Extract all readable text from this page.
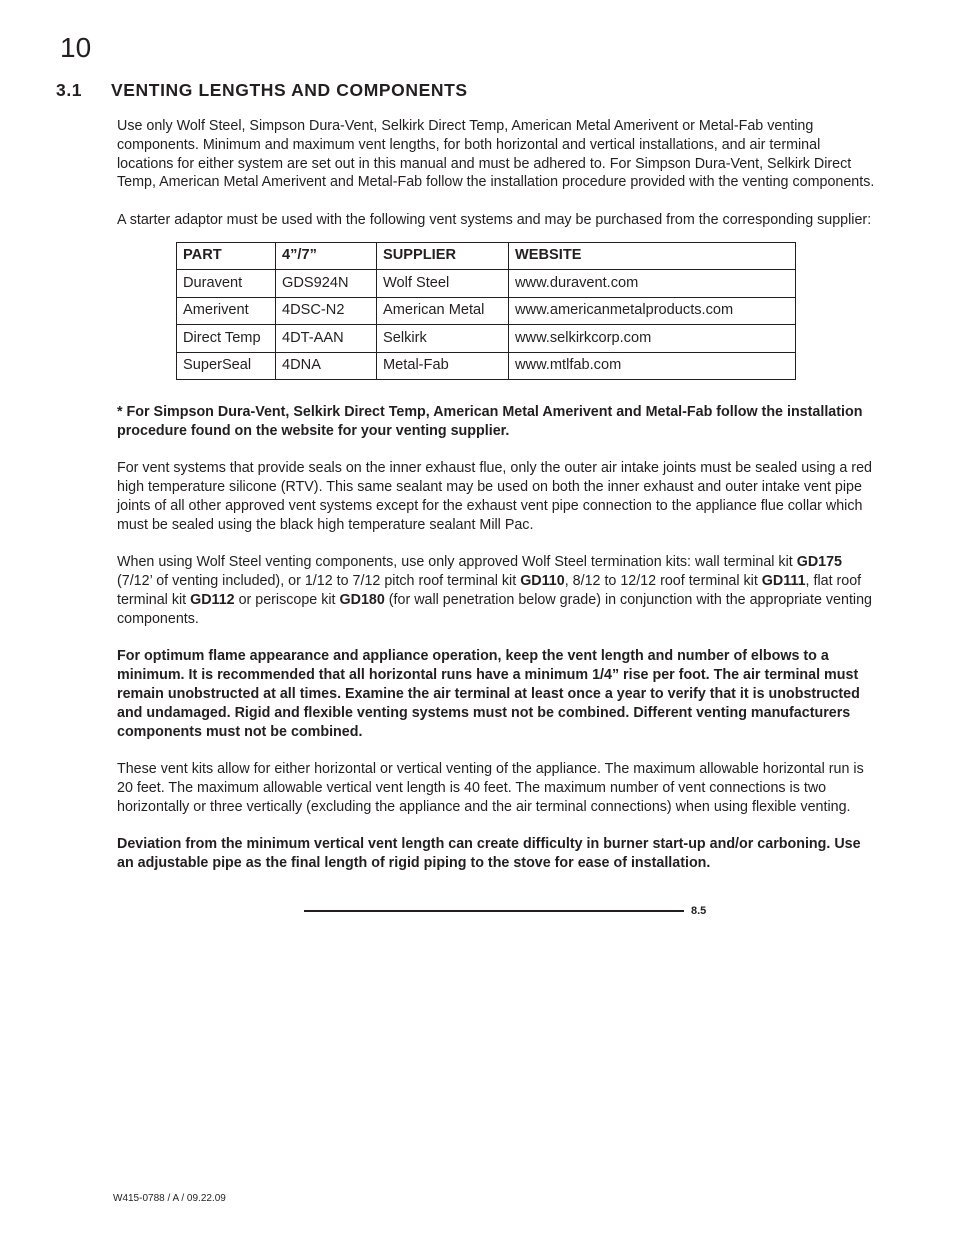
10
3.1 VENTING LENGTHS AND COMPONENTS

Use only Wolf Steel, Simpson Dura-Vent, Selkirk Direct Temp, American Metal Amerivent or Metal-Fab venting components. Minimum and maximum vent lengths, for both horizontal and vertical installations, and air terminal locations for either system are set out in this manual and must be adhered to. For Simpson Dura-Vent, Selkirk Direct Temp, American Metal Amerivent and Metal-Fab follow the installation procedure provided with the venting components.

A starter adaptor must be used with the following vent systems and may be purchased from the corresponding supplier:

PART	4”/7”	SUPPLIER	WEBSITE
Duravent	GDS924N	Wolf Steel	www.duravent.com
Amerivent	4DSC-N2	American Metal	www.americanmetalproducts.com
Direct Temp	4DT-AAN	Selkirk	www.selkirkcorp.com
SuperSeal	4DNA	Metal-Fab	www.mtlfab.com

* For Simpson Dura-Vent, Selkirk Direct Temp, American Metal Amerivent and Metal-Fab follow the installation procedure found on the website for your venting supplier.

For vent systems that provide seals on the inner exhaust flue, only the outer air intake joints must be sealed using a red high temperature silicone (RTV). This same sealant may be used on both the inner exhaust and outer intake vent pipe joints of all other approved vent systems except for the exhaust vent pipe connection to the appliance flue collar which must be sealed using the black high temperature sealant Mill Pac.

When using Wolf Steel venting components, use only approved Wolf Steel termination kits: wall terminal kit GD175 (7/12’ of venting included), or 1/12 to 7/12 pitch roof terminal kit GD110, 8/12 to 12/12 roof terminal kit GD111, flat roof terminal kit GD112 or periscope kit GD180 (for wall penetration below grade) in conjunction with the appropriate venting components.

For optimum flame appearance and appliance operation, keep the vent length and number of elbows to a minimum. It is recommended that all horizontal runs have a minimum 1/4” rise per foot. The air terminal must remain unobstructed at all times. Examine the air terminal at least once a year to verify that it is unobstructed and undamaged. Rigid and flexible venting systems must not be combined. Different venting manufacturers components must not be combined.

These vent kits allow for either horizontal or vertical venting of the appliance. The maximum allowable horizontal run is 20 feet. The maximum allowable vertical vent length is 40 feet. The maximum number of vent connections is two horizontally or three vertically (excluding the appliance and the air terminal connections) when using flexible venting.

Deviation from the minimum vertical vent length can create difficulty in burner start-up and/or carboning. Use an adjustable pipe as the final length of rigid piping to the stove for ease of installation.

8.5
W415-0788 / A / 09.22.09
